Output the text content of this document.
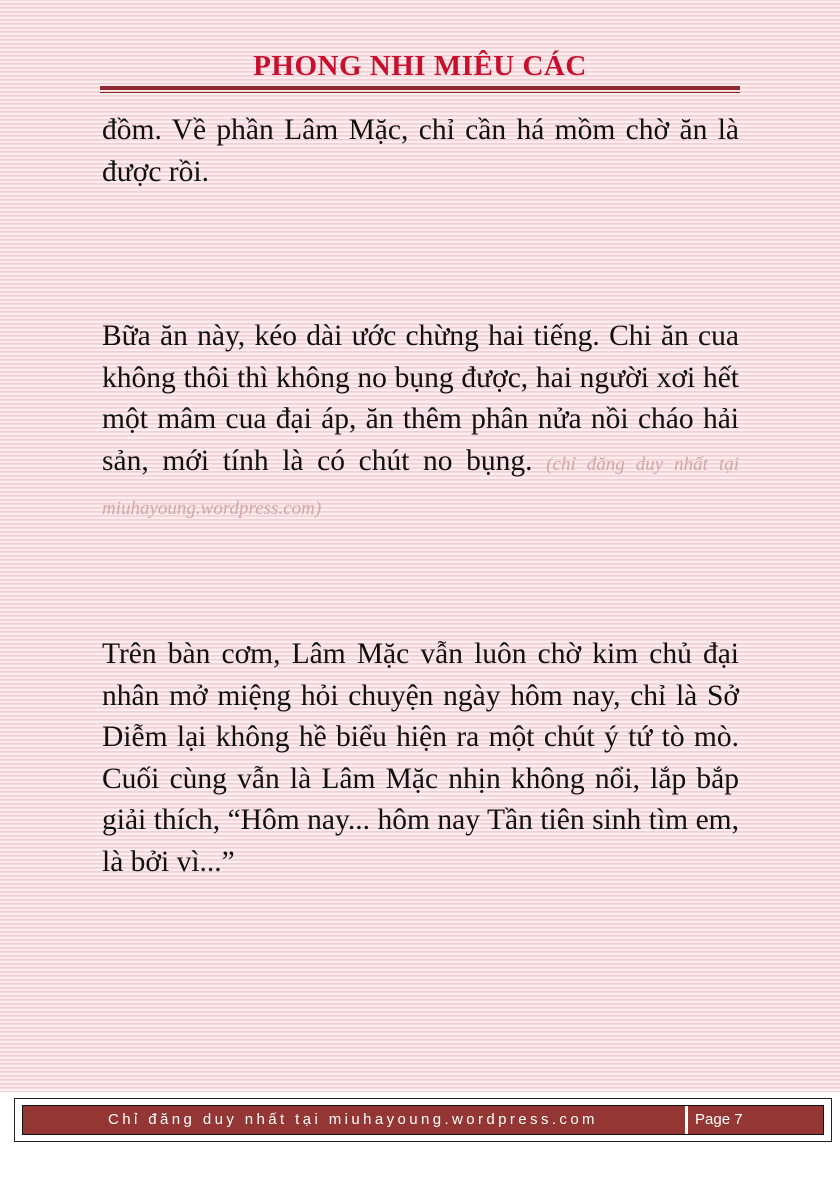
PHONG NHI MIÊU CÁC

đồm. Về phần Lâm Mặc, chỉ cần há mồm chờ ăn là được rồi.

Bữa ăn này, kéo dài ước chừng hai tiếng. Chi ăn cua không thôi thì không no bụng được, hai người xơi hết một mâm cua đại áp, ăn thêm phân nửa nồi cháo hải sản, mới tính là có chút no bụng. (chỉ đăng duy nhất tại miuhayoung.wordpress.com)

Trên bàn cơm, Lâm Mặc vẫn luôn chờ kim chủ đại nhân mở miệng hỏi chuyện ngày hôm nay, chỉ là Sở Diễm lại không hề biểu hiện ra một chút ý tứ tò mò. Cuối cùng vẫn là Lâm Mặc nhịn không nổi, lắp bắp giải thích, “Hôm nay... hôm nay Tần tiên sinh tìm em, là bởi vì...”

Chỉ đăng duy nhất tại miuhayoung.wordpress.com	Page 7
